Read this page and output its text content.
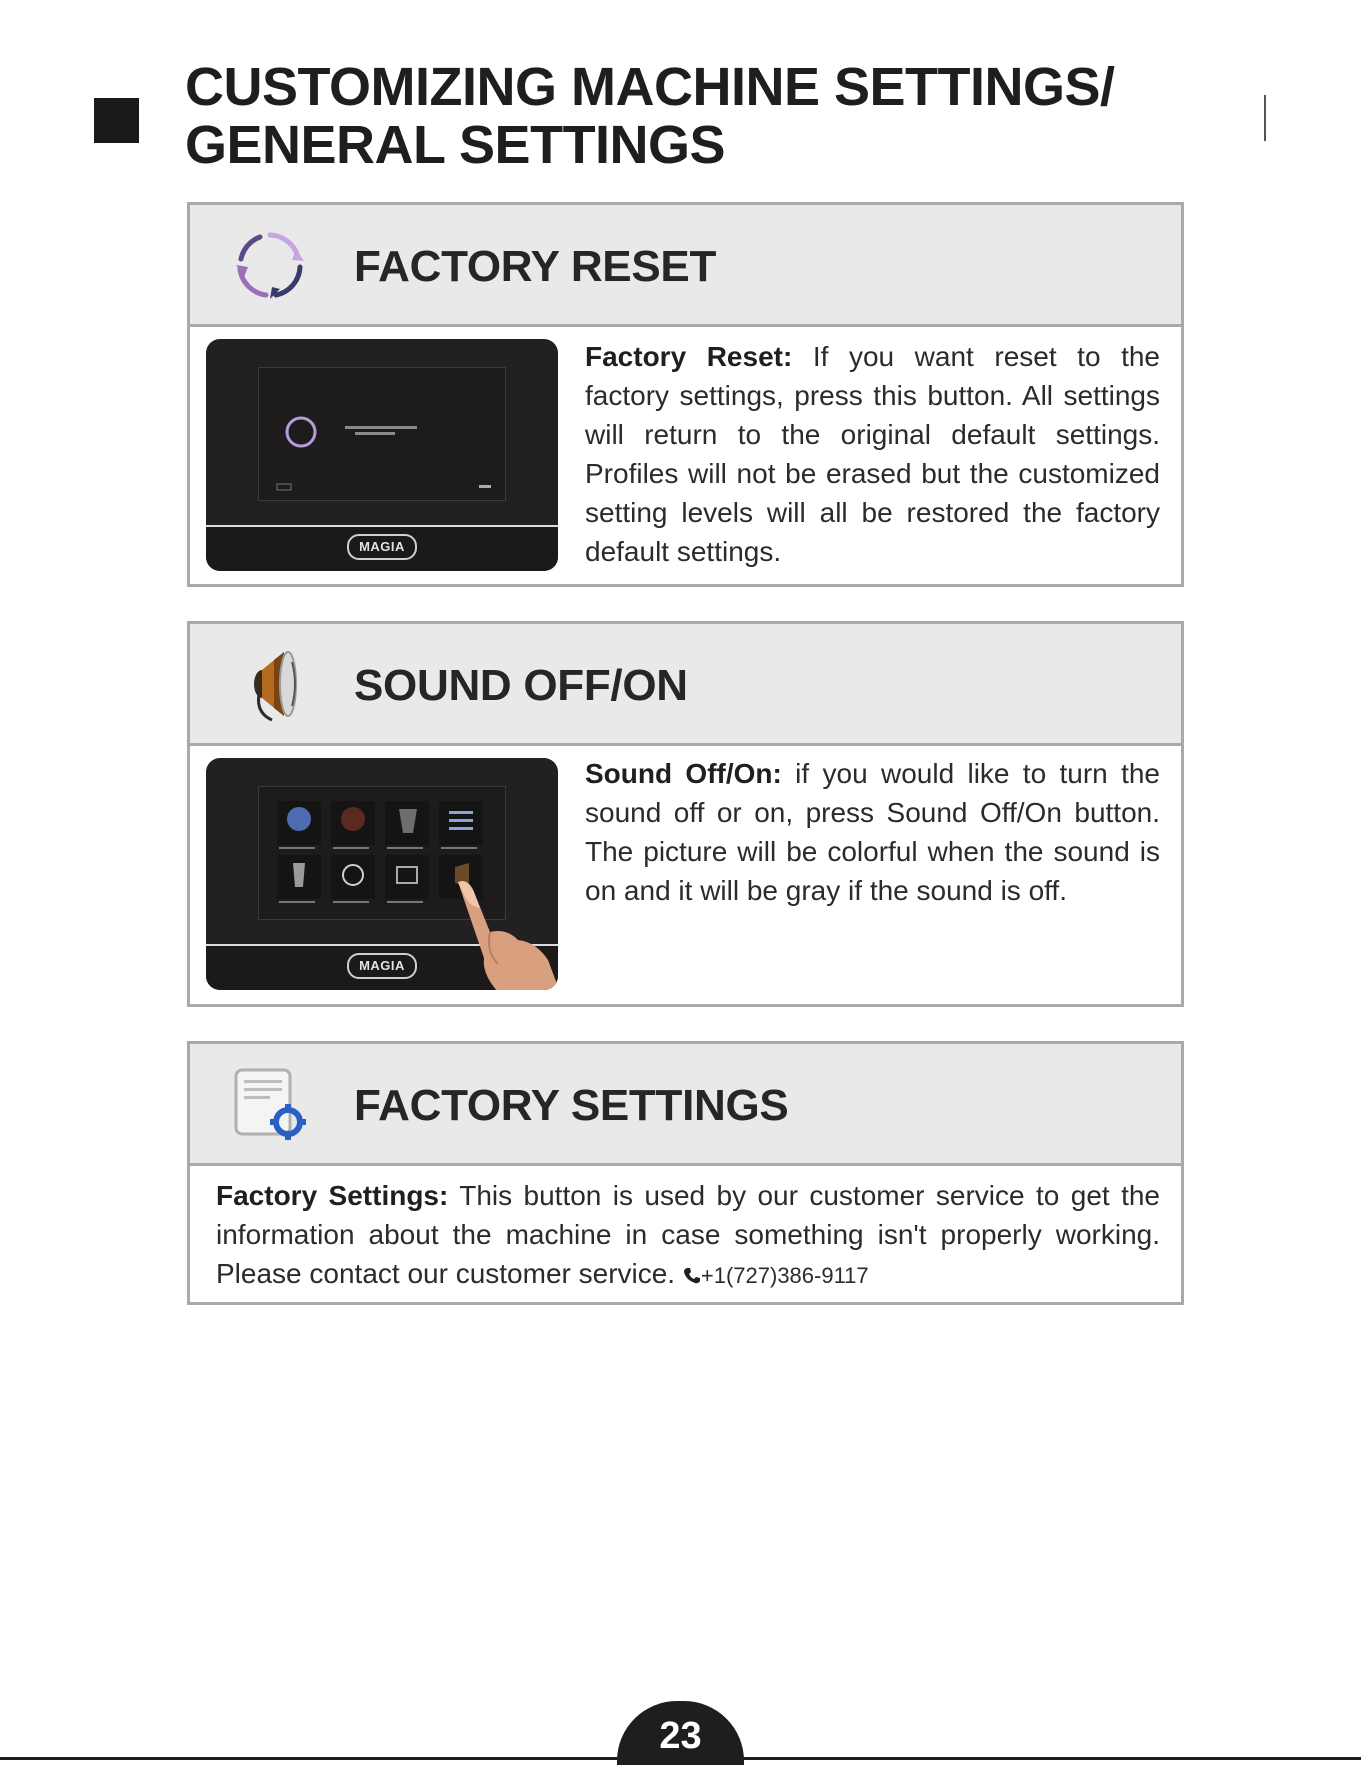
CUSTOMIZING MACHINE SETTINGS/
GENERAL SETTINGS
FACTORY RESET
MAGIA

Factory Reset: If you want reset to the factory settings, press this button. All settings will return to the original default settings. Profiles will not be erased but the customized setting levels will all be restored the factory default settings.

SOUND OFF/ON
MAGIA

Sound Off/On: if you would like to turn the sound off or on, press Sound Off/On button. The picture will be colorful when the sound is on and it will be gray if the sound is off.

FACTORY SETTINGS

Factory Settings: This button is used by our customer service to get the information about the machine in case something isn't properly working. Please contact our customer service. +1(727)386-9117

23
